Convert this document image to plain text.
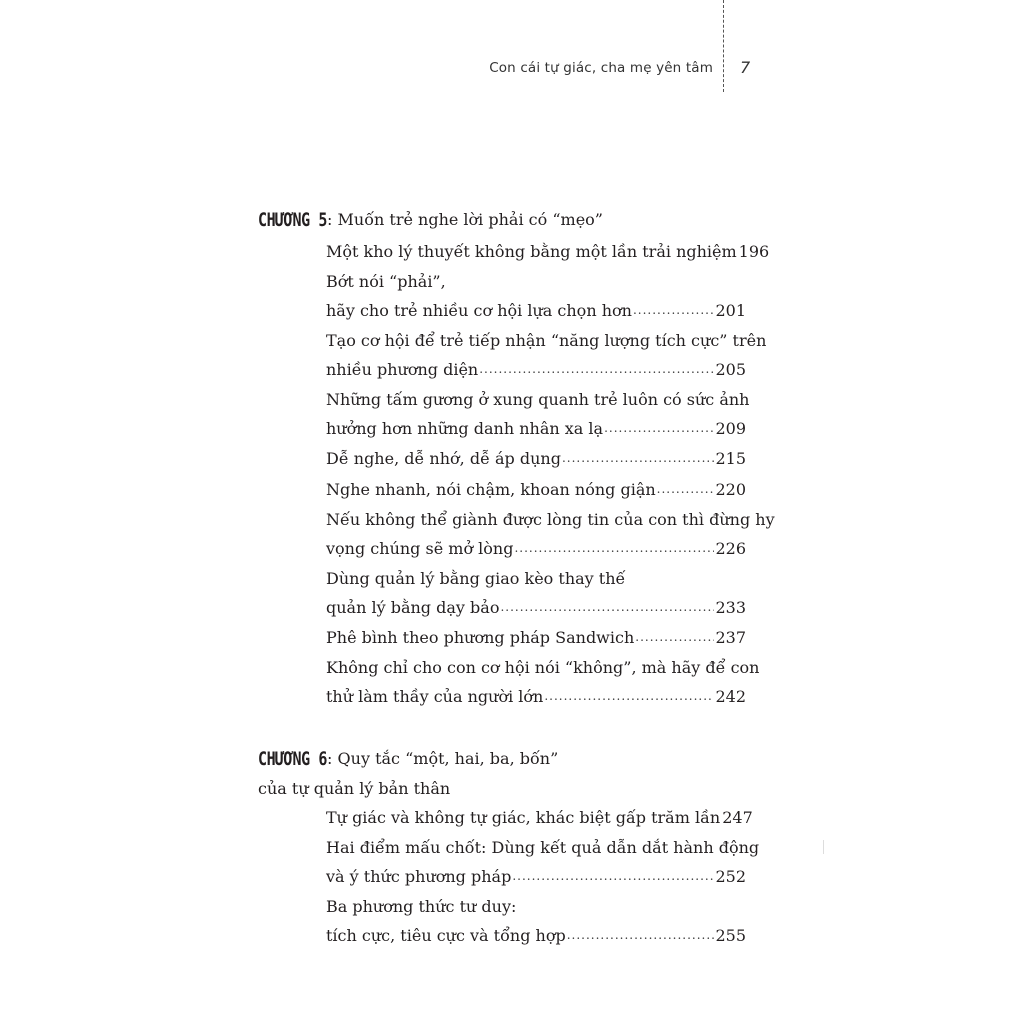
Con cái tự giác, cha mẹ yên tâm 7
CHƯƠNG 5: Muốn trẻ nghe lời phải có “mẹo”
Một kho lý thuyết không bằng một lần trải nghiệm 196
Bớt nói “phải”,
hãy cho trẻ nhiều cơ hội lựa chọn hơn .....	201
Tạo cơ hội để trẻ tiếp nhận “năng lượng tích cực” trên
nhiều phương diện .....	205
Những tấm gương ở xung quanh trẻ luôn có sức ảnh
hưởng hơn những danh nhân xa lạ .....	209
Dễ nghe, dễ nhớ, dễ áp dụng .....	215
Nghe nhanh, nói chậm, khoan nóng giận .....	220
Nếu không thể giành được lòng tin của con thì đừng hy
vọng chúng sẽ mở lòng .....	226
Dùng quản lý bằng giao kèo thay thế
quản lý bằng dạy bảo .....	233
Phê bình theo phương pháp Sandwich .....	237
Không chỉ cho con cơ hội nói “không”, mà hãy để con
thử làm thầy của người lớn .....	242
CHƯƠNG 6: Quy tắc “một, hai, ba, bốn”
của tự quản lý bản thân
Tự giác và không tự giác, khác biệt gấp trăm lần 247
Hai điểm mấu chốt: Dùng kết quả dẫn dắt hành động
và ý thức phương pháp .....	252
Ba phương thức tư duy:
tích cực, tiêu cực và tổng hợp .....	255
